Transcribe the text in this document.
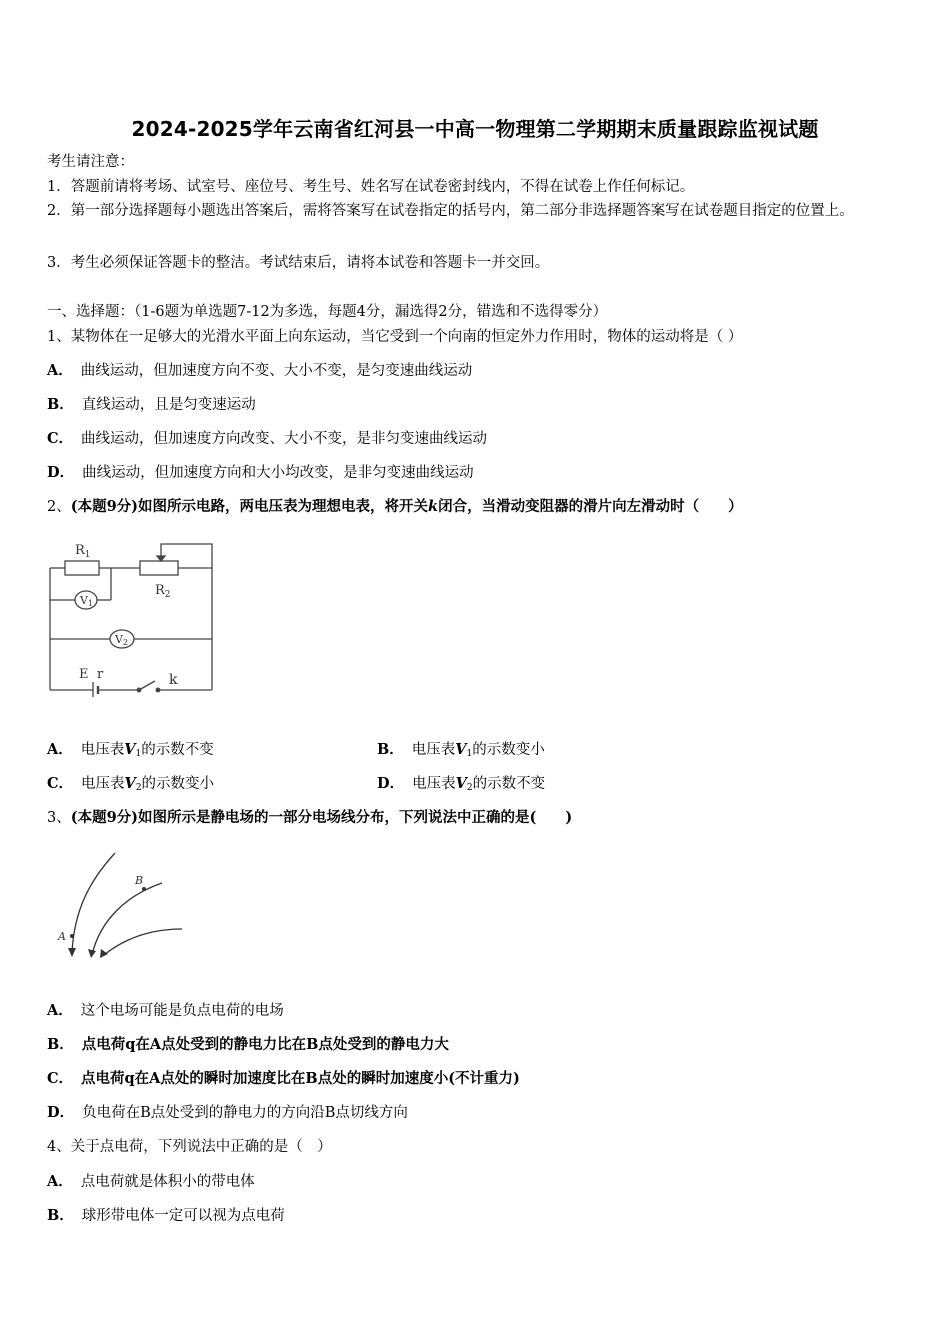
2024-2025学年云南省红河县一中高一物理第二学期期末质量跟踪监视试题
考生请注意：
1．答题前请将考场、试室号、座位号、考生号、姓名写在试卷密封线内，不得在试卷上作任何标记。
2．第一部分选择题每小题选出答案后，需将答案写在试卷指定的括号内，第二部分非选择题答案写在试卷题目指定的位置上。
3．考生必须保证答题卡的整洁。考试结束后，请将本试卷和答题卡一并交回。
一、选择题：（1-6题为单选题7-12为多选，每题4分，漏选得2分，错选和不选得零分）
1、某物体在一足够大的光滑水平面上向东运动，当它受到一个向南的恒定外力作用时，物体的运动将是（ ）
A． 曲线运动，但加速度方向不变、大小不变，是匀变速曲线运动
B． 直线运动，且是匀变速运动
C． 曲线运动，但加速度方向改变、大小不变，是非匀变速曲线运动
D． 曲线运动，但加速度方向和大小均改变，是非匀变速曲线运动
2、(本题9分)如图所示电路，两电压表为理想电表，将开关k闭合，当滑动变阻器的滑片向左滑动时（　　）
$R_1$
$R_2$
V1
V2
E r	k
A． 电压表$V_1$的示数不变	B． 电压表$V_1$的示数变小
C． 电压表$V_2$的示数变小	D． 电压表$V_2$的示数不变
3、(本题9分)如图所示是静电场的一部分电场线分布，下列说法中正确的是(　　)
A
B
A． 这个电场可能是负点电荷的电场
B． 点电荷q在A点处受到的静电力比在B点处受到的静电力大
C． 点电荷q在A点处的瞬时加速度比在B点处的瞬时加速度小(不计重力)
D． 负电荷在B点处受到的静电力的方向沿B点切线方向
4、关于点电荷，下列说法中正确的是（　）
A． 点电荷就是体积小的带电体
B． 球形带电体一定可以视为点电荷
